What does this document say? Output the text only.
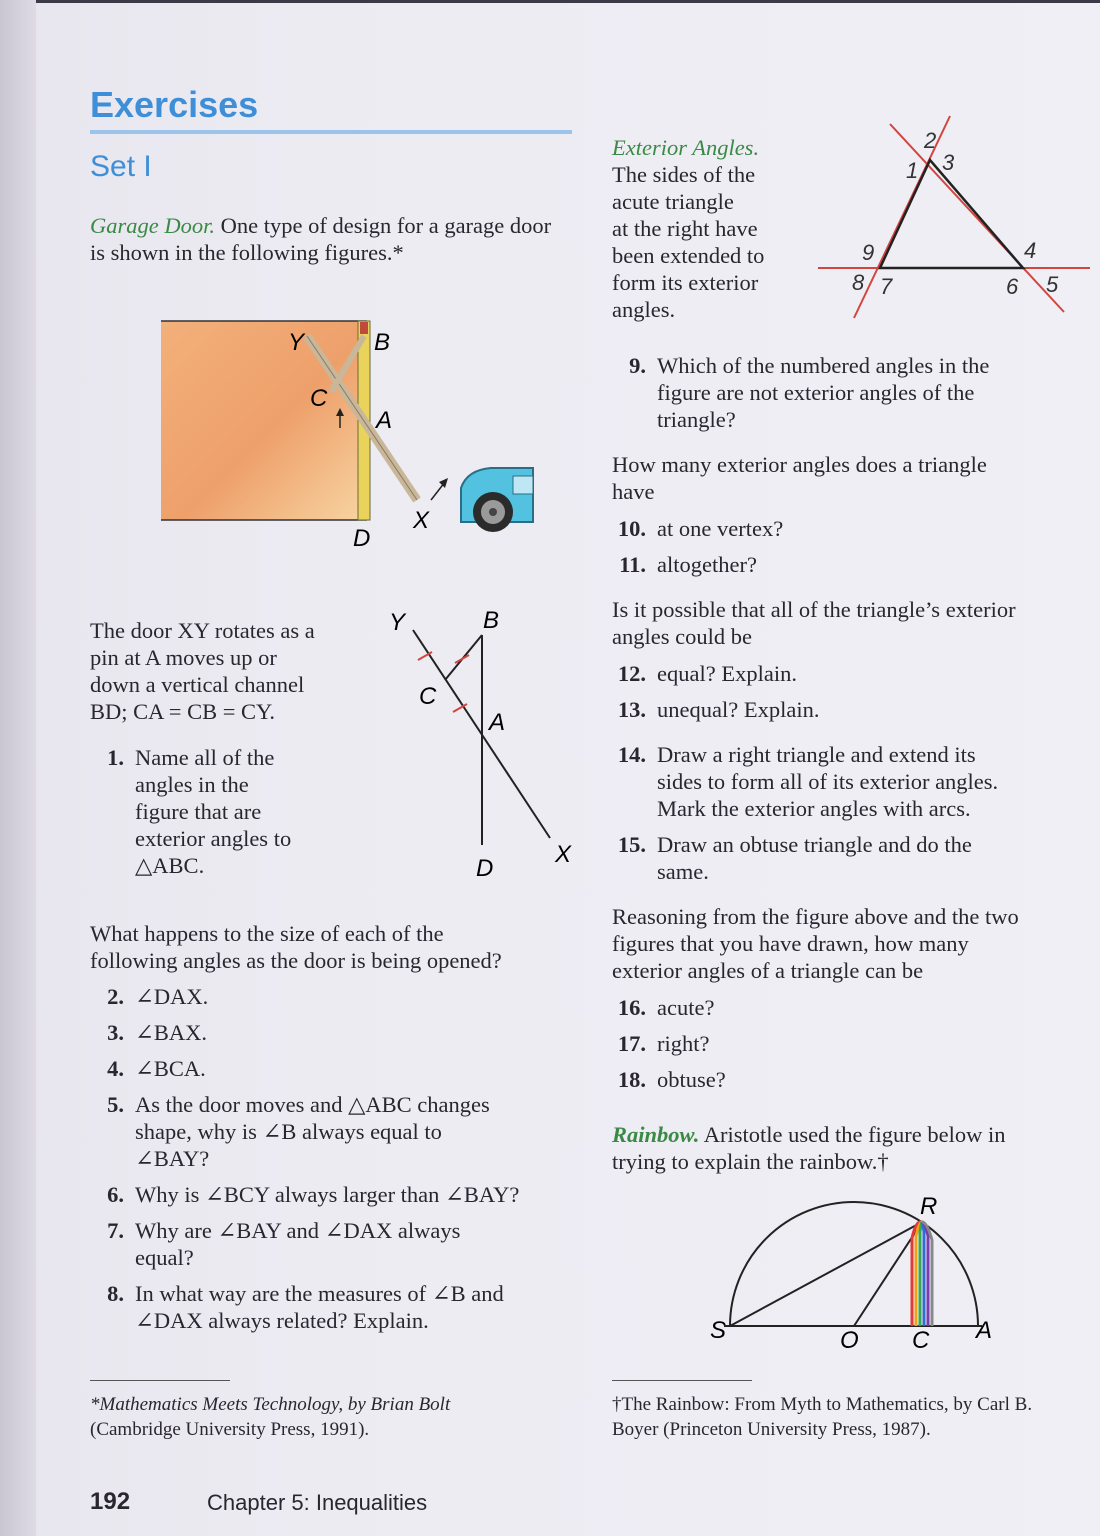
Exercises
Set I
Garage Door. One type of design for a garage door is shown in the following figures.*
Y	B
C
A
X
D
The door XY rotates as a
pin at A moves up or
down a vertical channel
BD; CA = CB = CY.
1. Name all of the
angles in the
figure that are
exterior angles to
△ABC.
Y	B
C
A
D
X
What happens to the size of each of the
following angles as the door is being opened?
2. ∠DAX.
3. ∠BAX.
4. ∠BCA.
5. As the door moves and △ABC changes
shape, why is ∠B always equal to
∠BAY?
6. Why is ∠BCY always larger than ∠BAY?
7. Why are ∠BAY and ∠DAX always
equal?
8. In what way are the measures of ∠B and
∠DAX always related? Explain.
*Mathematics Meets Technology, by Brian Bolt
(Cambridge University Press, 1991).
Exterior Angles.
The sides of the
acute triangle
at the right have
been extended to
form its exterior
angles.
1
2
3
4
5
6
7
8
9
9. Which of the numbered angles in the
figure are not exterior angles of the
triangle?
How many exterior angles does a triangle
have
10. at one vertex?
11. altogether?
Is it possible that all of the triangle’s exterior
angles could be
12. equal? Explain.
13. unequal? Explain.
14. Draw a right triangle and extend its
sides to form all of its exterior angles.
Mark the exterior angles with arcs.
15. Draw an obtuse triangle and do the
same.
Reasoning from the figure above and the two
figures that you have drawn, how many
exterior angles of a triangle can be
16. acute?
17. right?
18. obtuse?
Rainbow. Aristotle used the figure below in
trying to explain the rainbow.†
R
S	O C A
†The Rainbow: From Myth to Mathematics, by Carl B.
Boyer (Princeton University Press, 1987).
192	Chapter 5: Inequalities
